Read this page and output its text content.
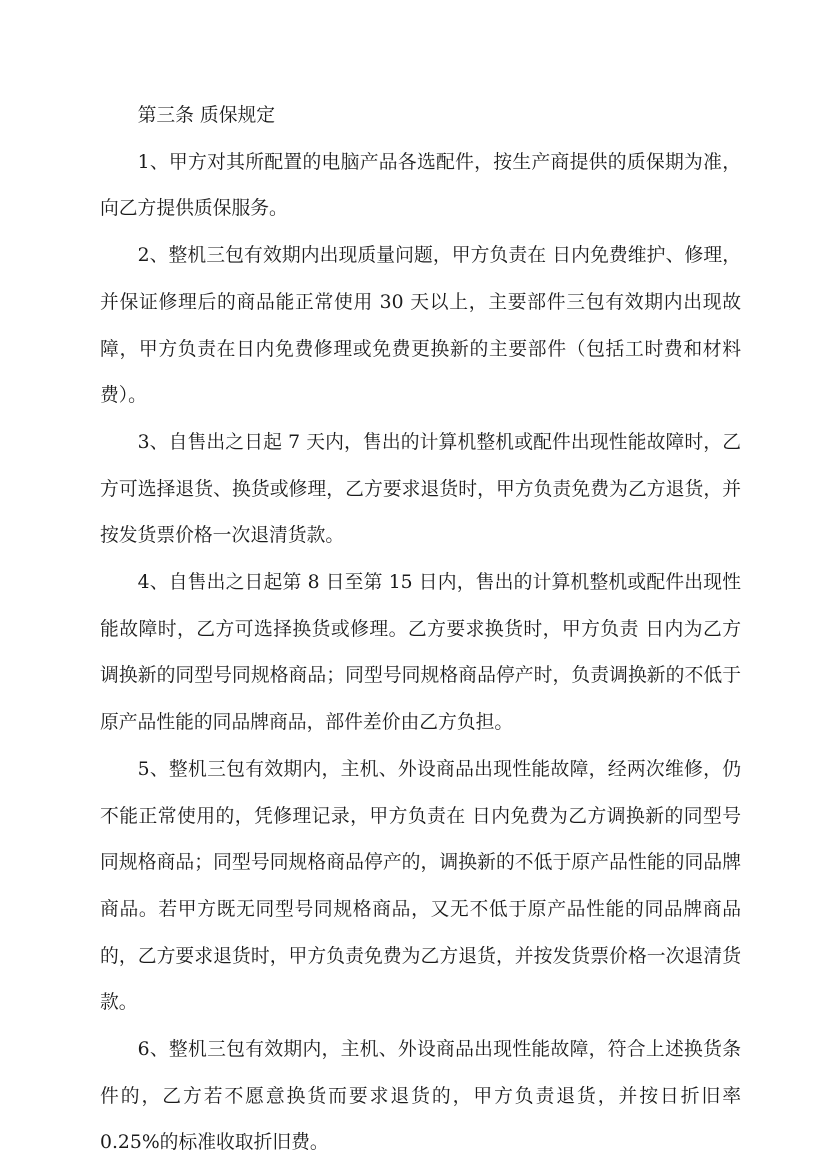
第三条 质保规定

1、甲方对其所配置的电脑产品各选配件，按生产商提供的质保期为准，向乙方提供质保服务。

2、整机三包有效期内出现质量问题，甲方负责在 日内免费维护、修理，并保证修理后的商品能正常使用 30 天以上，主要部件三包有效期内出现故障，甲方负责在日内免费修理或免费更换新的主要部件（包括工时费和材料费）。

3、自售出之日起 7 天内，售出的计算机整机或配件出现性能故障时，乙方可选择退货、换货或修理，乙方要求退货时，甲方负责免费为乙方退货，并按发货票价格一次退清货款。

4、自售出之日起第 8 日至第 15 日内，售出的计算机整机或配件出现性能故障时，乙方可选择换货或修理。乙方要求换货时，甲方负责 日内为乙方调换新的同型号同规格商品；同型号同规格商品停产时，负责调换新的不低于原产品性能的同品牌商品，部件差价由乙方负担。

5、整机三包有效期内，主机、外设商品出现性能故障，经两次维修，仍不能正常使用的，凭修理记录，甲方负责在 日内免费为乙方调换新的同型号同规格商品；同型号同规格商品停产的，调换新的不低于原产品性能的同品牌商品。若甲方既无同型号同规格商品，又无不低于原产品性能的同品牌商品的，乙方要求退货时，甲方负责免费为乙方退货，并按发货票价格一次退清货款。

6、整机三包有效期内，主机、外设商品出现性能故障，符合上述换货条件的，乙方若不愿意换货而要求退货的，甲方负责退货，并按日折旧率 0.25%的标准收取折旧费。
